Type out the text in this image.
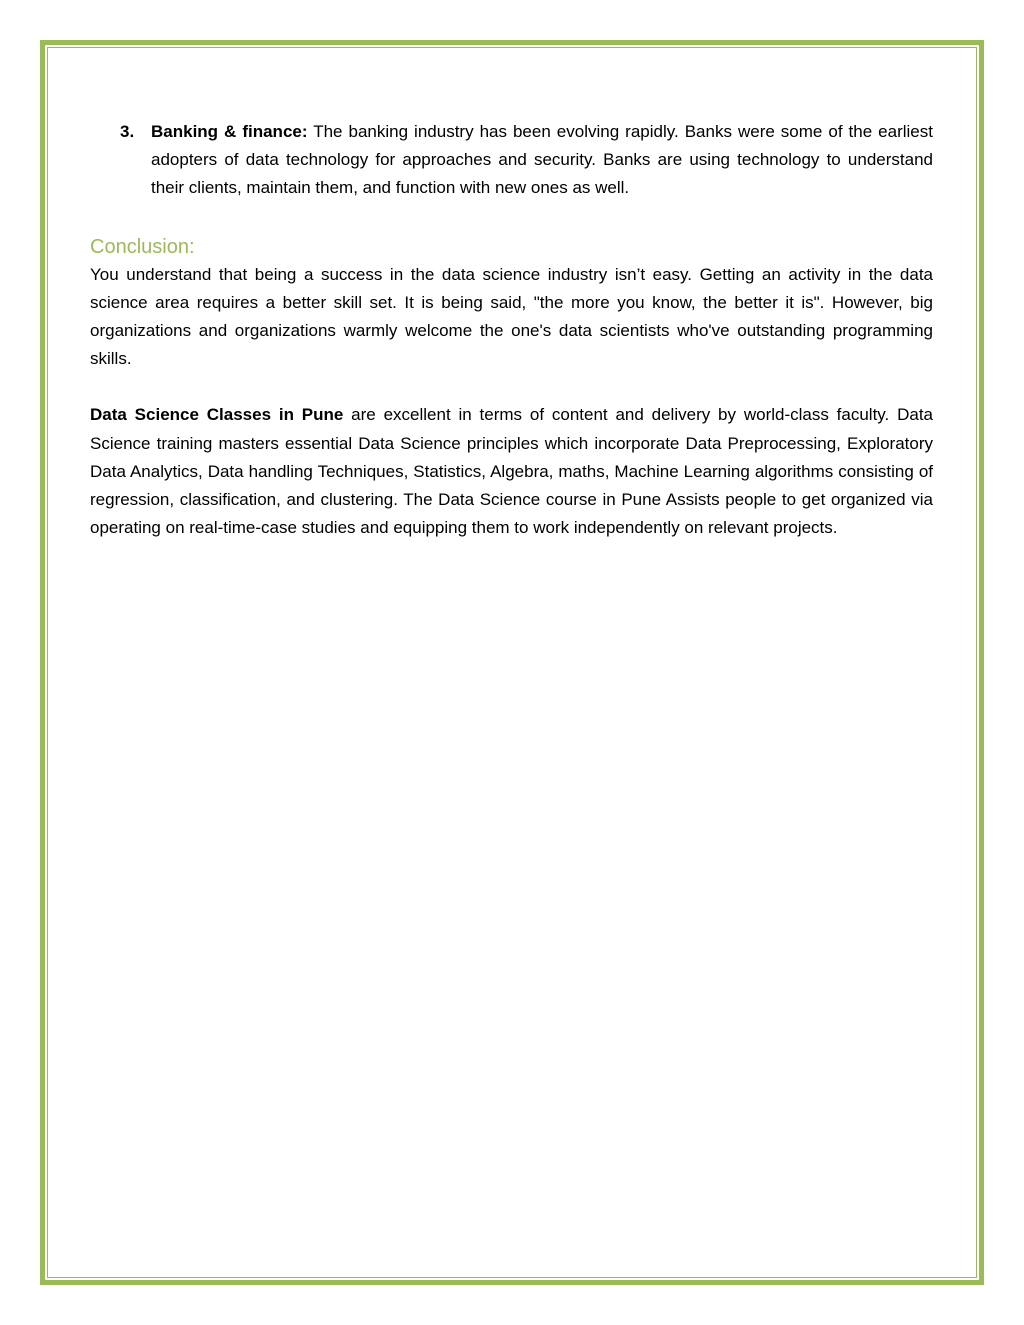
3. Banking & finance: The banking industry has been evolving rapidly. Banks were some of the earliest adopters of data technology for approaches and security. Banks are using technology to understand their clients, maintain them, and function with new ones as well.

Conclusion:

You understand that being a success in the data science industry isn’t easy. Getting an activity in the data science area requires a better skill set. It is being said, "the more you know, the better it is". However, big organizations and organizations warmly welcome the one's data scientists who've outstanding programming skills.

Data Science Classes in Pune are excellent in terms of content and delivery by world-class faculty. Data Science training masters essential Data Science principles which incorporate Data Preprocessing, Exploratory Data Analytics, Data handling Techniques, Statistics, Algebra, maths, Machine Learning algorithms consisting of regression, classification, and clustering. The Data Science course in Pune Assists people to get organized via operating on real-time-case studies and equipping them to work independently on relevant projects.
